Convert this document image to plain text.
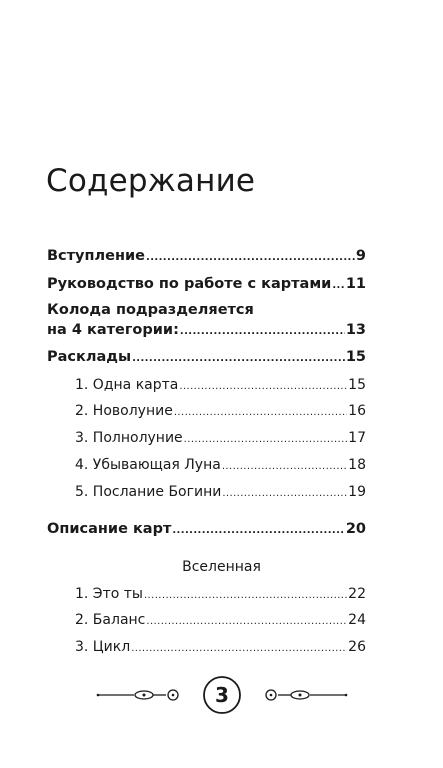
Содержание
Вступление .....	9
Руководство по работе с картами ..... 11
Колода подразделяется
на 4 категории: .....	13
Расклады .....	15
1. Одна карта .....	15
2. Новолуние .....	16
3. Полнолуние .....	17
4. Убывающая Луна .....	18
5. Послание Богини .....	19
Описание карт .....	20
Вселенная
1. Это ты .....	22
2. Баланс .....	24
3. Цикл .....	26
3
